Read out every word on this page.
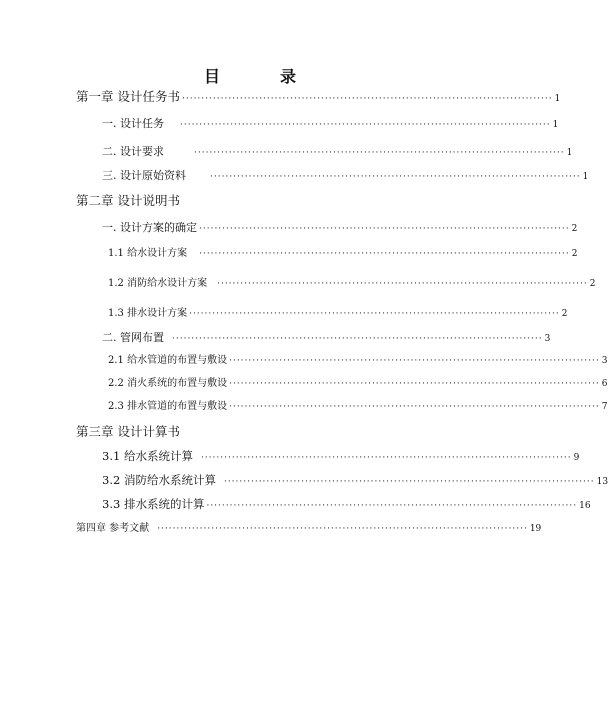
目　录
第一章 设计任务书 ································································································ 1
一. 设计任务 ································································································ 1
二. 设计要求	································································································ 1
三. 设计原始资料	································································································ 1
第二章 设计说明书
一. 设计方案的确定 ································································································ 2
1.1 给水设计方案 ································································································ 2
1.2 消防给水设计方案 ································································································ 2
1.3 排水设计方案 ································································································ 2
二. 管网布置 ································································································ 3
2.1 给水管道的布置与敷设 ································································································ 3
2.2 消火系统的布置与敷设 ································································································ 6
2.3 排水管道的布置与敷设 ································································································ 7
第三章 设计计算书
3.1 给水系统计算 ································································································ 9
3.2 消防给水系统计算 ································································································ 13
3.3 排水系统的计算 ································································································ 16
第四章 参考文献 ································································································ 19
